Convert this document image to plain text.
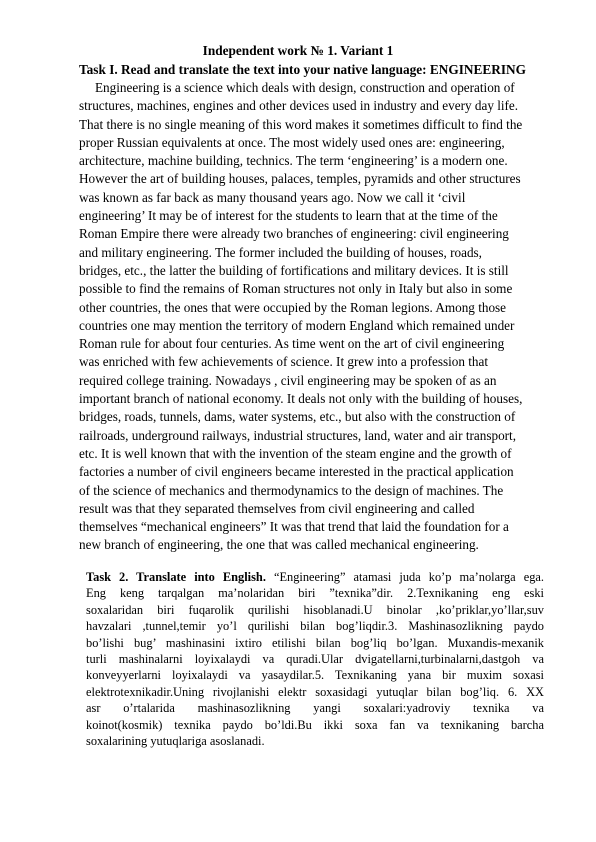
Independent work № 1. Variant 1
Task I. Read and translate the text into your native language: ENGINEERING
Engineering is a science which deals with design, construction and operation of
structures, machines, engines and other devices used in industry and every day life.
That there is no single meaning of this word makes it sometimes difficult to find the
proper Russian equivalents at once. The most widely used ones are: engineering,
architecture, machine building, technics. The term ‘engineering’ is a modern one.
However the art of building houses, palaces, temples, pyramids and other structures
was known as far back as many thousand years ago. Now we call it ‘civil
engineering’ It may be of interest for the students to learn that at the time of the
Roman Empire there were already two branches of engineering: civil engineering
and military engineering. The former included the building of houses, roads,
bridges, etc., the latter the building of fortifications and military devices. It is still
possible to find the remains of Roman structures not only in Italy but also in some
other countries, the ones that were occupied by the Roman legions. Among those
countries one may mention the territory of modern England which remained under
Roman rule for about four centuries. As time went on the art of civil engineering
was enriched with few achievements of science. It grew into a profession that
required college training. Nowadays , civil engineering may be spoken of as an
important branch of national economy. It deals not only with the building of houses,
bridges, roads, tunnels, dams, water systems, etc., but also with the construction of
railroads, underground railways, industrial structures, land, water and air transport,
etc. It is well known that with the invention of the steam engine and the growth of
factories a number of civil engineers became interested in the practical application
of the science of mechanics and thermodynamics to the design of machines. The
result was that they separated themselves from civil engineering and called
themselves “mechanical engineers” It was that trend that laid the foundation for a
new branch of engineering, the one that was called mechanical engineering.
Task 2. Translate into English. “Engineering” atamasi juda ko’p ma’nolarga ega.
Eng keng tarqalgan ma’nolaridan biri ”texnika”dir. 2.Texnikaning eng eski
soxalaridan biri fuqarolik qurilishi hisoblanadi.U binolar ,ko’priklar,yo’llar,suv
havzalari ,tunnel,temir yo’l qurilishi bilan bog’liqdir.3. Mashinasozlikning paydo
bo’lishi bug’ mashinasini ixtiro etilishi bilan bog’liq bo’lgan. Muxandis-mexanik
turli mashinalarni loyixalaydi va quradi.Ular dvigatellarni,turbinalarni,dastgoh va
konveyyerlarni loyixalaydi va yasaydilar.5. Texnikaning yana bir muxim soxasi
elektrotexnikadir.Uning rivojlanishi elektr soxasidagi yutuqlar bilan bog’liq. 6. XX
asr o’rtalarida mashinasozlikning yangi soxalari:yadroviy texnika va
koinot(kosmik) texnika paydo bo’ldi.Bu ikki soxa fan va texnikaning barcha
soxalarining yutuqlariga asoslanadi.
